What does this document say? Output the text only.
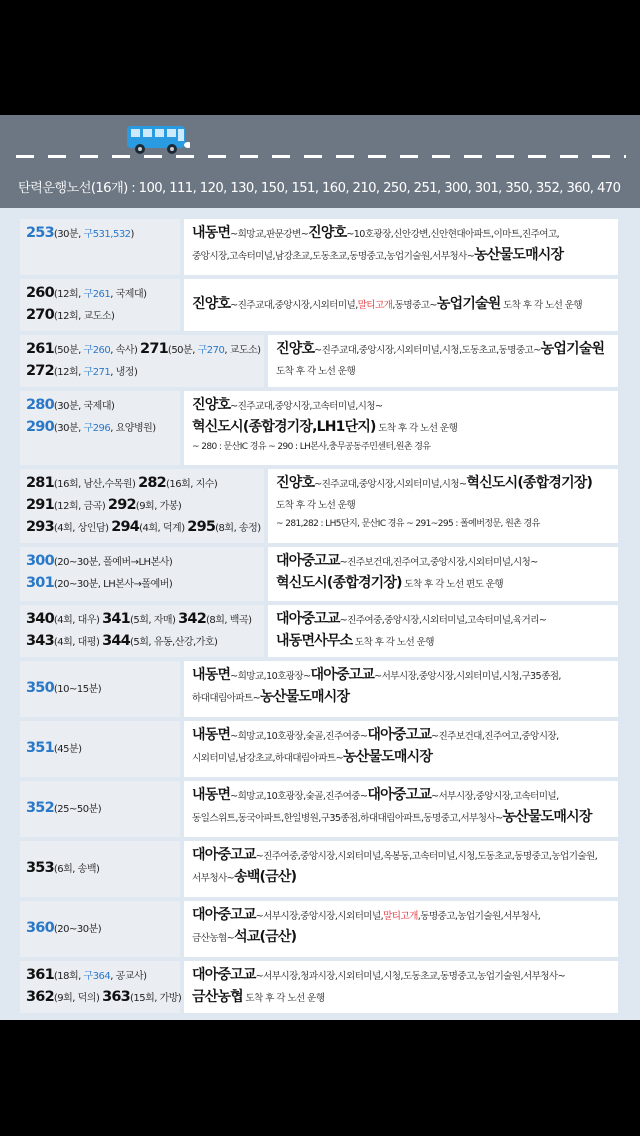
탄력운행노선(16개) : 100, 111, 120, 130, 150, 151, 160, 210, 250, 251, 300, 301, 350, 352, 360, 470
253(30분, 구531,532)	내동면~희망교,판문강변~진양호~10호광장,신안강변,신안현대아파트,이마트,진주여고,
중앙시장,고속터미널,남강초교,도동초교,동명중고,농업기술원,서부청사~농산물도매시장
260(12회, 구261, 국제대)
270(12회, 교도소)
진양호~진주교대,중앙시장,시외터미널,말티고개,동명중고~농업기술원 도착 후 각 노선 운행
261(50분, 구260, 속사) 271(50분, 구270, 교도소)
272(12회, 구271, 냉정)
진양호~진주교대,중앙시장,시외터미널,시청,도동초교,동명중고~농업기술원
도착 후 각 노선 운행
280(30분, 국제대)
290(30분, 구296, 요양병원)
진양호~진주교대,중앙시장,고속터미널,시청~
혁신도시(종합경기장,LH1단지) 도착 후 각 노선 운행
~ 280 : 문산IC 경유 ~ 290 : LH본사,충무공동주민센터,원촌 경유
281(16회, 남산,수목원) 282(16회, 지수)
291(12회, 금곡) 292(9회, 가봉)
293(4회, 상인담) 294(4회, 덕계) 295(8회, 송정)
진양호~진주교대,중앙시장,시외터미널,시청~혁신도시(종합경기장)
도착 후 각 노선 운행
~ 281,282 : LH5단지, 문산IC 경유 ~ 291~295 : 폴예버정문, 원촌 경유
300(20~30분, 폴예버→LH본사)
301(20~30분, LH본사→폴예버)
대아중고교~진주보건대,진주여고,중앙시장,시외터미널,시청~
혁신도시(종합경기장) 도착 후 각 노선 편도 운행
340(4회, 대우) 341(5회, 자매) 342(8회, 백곡)
343(4회, 대평) 344(5회, 유동,산강,가호)
대아중고교~진주여중,중앙시장,시외터미널,고속터미널,육거리~
내동면사무소 도착 후 각 노선 운행
350(10~15분)
내동면~희망교,10호광장~대아중고교~서부시장,중앙시장,시외터미널,시청,구35종점,
하대대림아파트~농산물도매시장
351(45분)
내동면~희망교,10호광장,숯골,진주여중~대아중고교~진주보건대,진주여고,중앙시장,
시외터미널,남강초교,하대대림아파트~농산물도매시장
352(25~50분)
내동면~희망교,10호광장,숯골,진주여중~대아중고교~서부시장,중앙시장,고속터미널,
동일스위트,동국아파트,한일병원,구35종점,하대대림아파트,동명중고,서부청사~농산물도매시장
353(6회, 송백)
대아중고교~진주여중,중앙시장,시외터미널,옥봉동,고속터미널,시청,도동초교,동명중고,농업기술원,
서부청사~송백(금산)
360(20~30분)
대아중고교~서부시장,중앙시장,시외터미널,말티고개,동명중고,농업기술원,서부청사,
금산농협~석교(금산)
361(18회, 구364, 공교사)
362(9회, 덕의) 363(15회, 가방)
대아중고교~서부시장,청과시장,시외터미널,시청,도동초교,동명중고,농업기술원,서부청사~
금산농협 도착 후 각 노선 운행
